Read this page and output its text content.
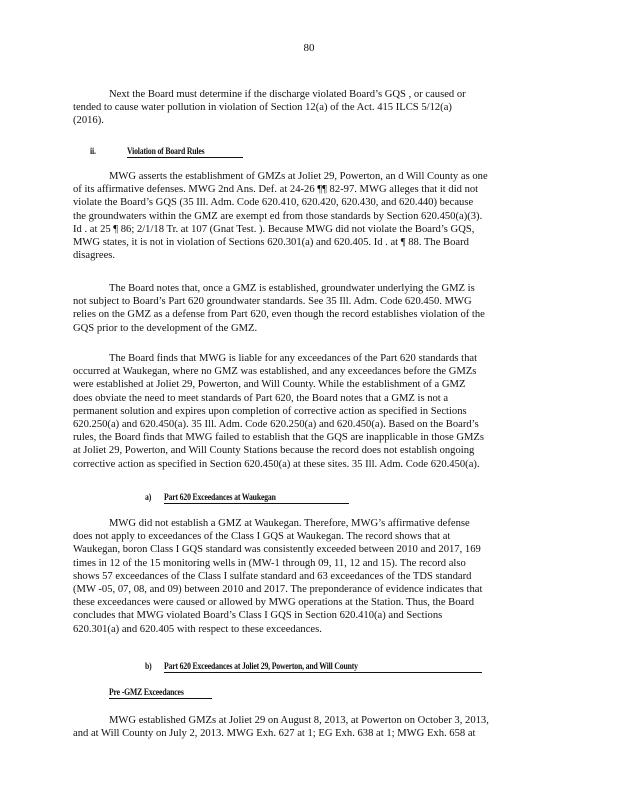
80
Next the Board must determine if the discharge violated Board’s GQS , or caused or
tended to cause water pollution in violation of Section 12(a) of the Act. 415 ILCS 5/12(a)
(2016).
ii.	Violation of Board Rules
MWG asserts the establishment of GMZs at Joliet 29, Powerton, an d Will County as one
of its affirmative defenses. MWG 2nd Ans. Def. at 24-26 ¶¶ 82-97. MWG alleges that it did not
violate the Board’s GQS (35 Ill. Adm. Code 620.410, 620.420, 620.430, and 620.440) because
the groundwaters within the GMZ are exempt ed from those standards by Section 620.450(a)(3).
Id . at 25 ¶ 86; 2/1/18 Tr. at 107 (Gnat Test. ). Because MWG did not violate the Board’s GQS,
MWG states, it is not in violation of Sections 620.301(a) and 620.405. Id . at ¶ 88. The Board
disagrees.
The Board notes that, once a GMZ is established, groundwater underlying the GMZ is
not subject to Board’s Part 620 groundwater standards. See 35 Ill. Adm. Code 620.450. MWG
relies on the GMZ as a defense from Part 620, even though the record establishes violation of the
GQS prior to the development of the GMZ.
The Board finds that MWG is liable for any exceedances of the Part 620 standards that
occurred at Waukegan, where no GMZ was established, and any exceedances before the GMZs
were established at Joliet 29, Powerton, and Will County. While the establishment of a GMZ
does obviate the need to meet standards of Part 620, the Board notes that a GMZ is not a
permanent solution and expires upon completion of corrective action as specified in Sections
620.250(a) and 620.450(a). 35 Ill. Adm. Code 620.250(a) and 620.450(a). Based on the Board’s
rules, the Board finds that MWG failed to establish that the GQS are inapplicable in those GMZs
at Joliet 29, Powerton, and Will County Stations because the record does not establish ongoing
corrective action as specified in Section 620.450(a) at these sites. 35 Ill. Adm. Code 620.450(a).
a) Part 620 Exceedances at Waukegan
MWG did not establish a GMZ at Waukegan. Therefore, MWG’s affirmative defense
does not apply to exceedances of the Class I GQS at Waukegan. The record shows that at
Waukegan, boron Class I GQS standard was consistently exceeded between 2010 and 2017, 169
times in 12 of the 15 monitoring wells in (MW-1 through 09, 11, 12 and 15). The record also
shows 57 exceedances of the Class I sulfate standard and 63 exceedances of the TDS standard
(MW -05, 07, 08, and 09) between 2010 and 2017. The preponderance of evidence indicates that
these exceedances were caused or allowed by MWG operations at the Station. Thus, the Board
concludes that MWG violated Board’s Class I GQS in Section 620.410(a) and Sections
620.301(a) and 620.405 with respect to these exceedances.
b) Part 620 Exceedances at Joliet 29, Powerton, and Will County
Pre -GMZ Exceedances
MWG established GMZs at Joliet 29 on August 8, 2013, at Powerton on October 3, 2013,
and at Will County on July 2, 2013. MWG Exh. 627 at 1; EG Exh. 638 at 1; MWG Exh. 658 at
